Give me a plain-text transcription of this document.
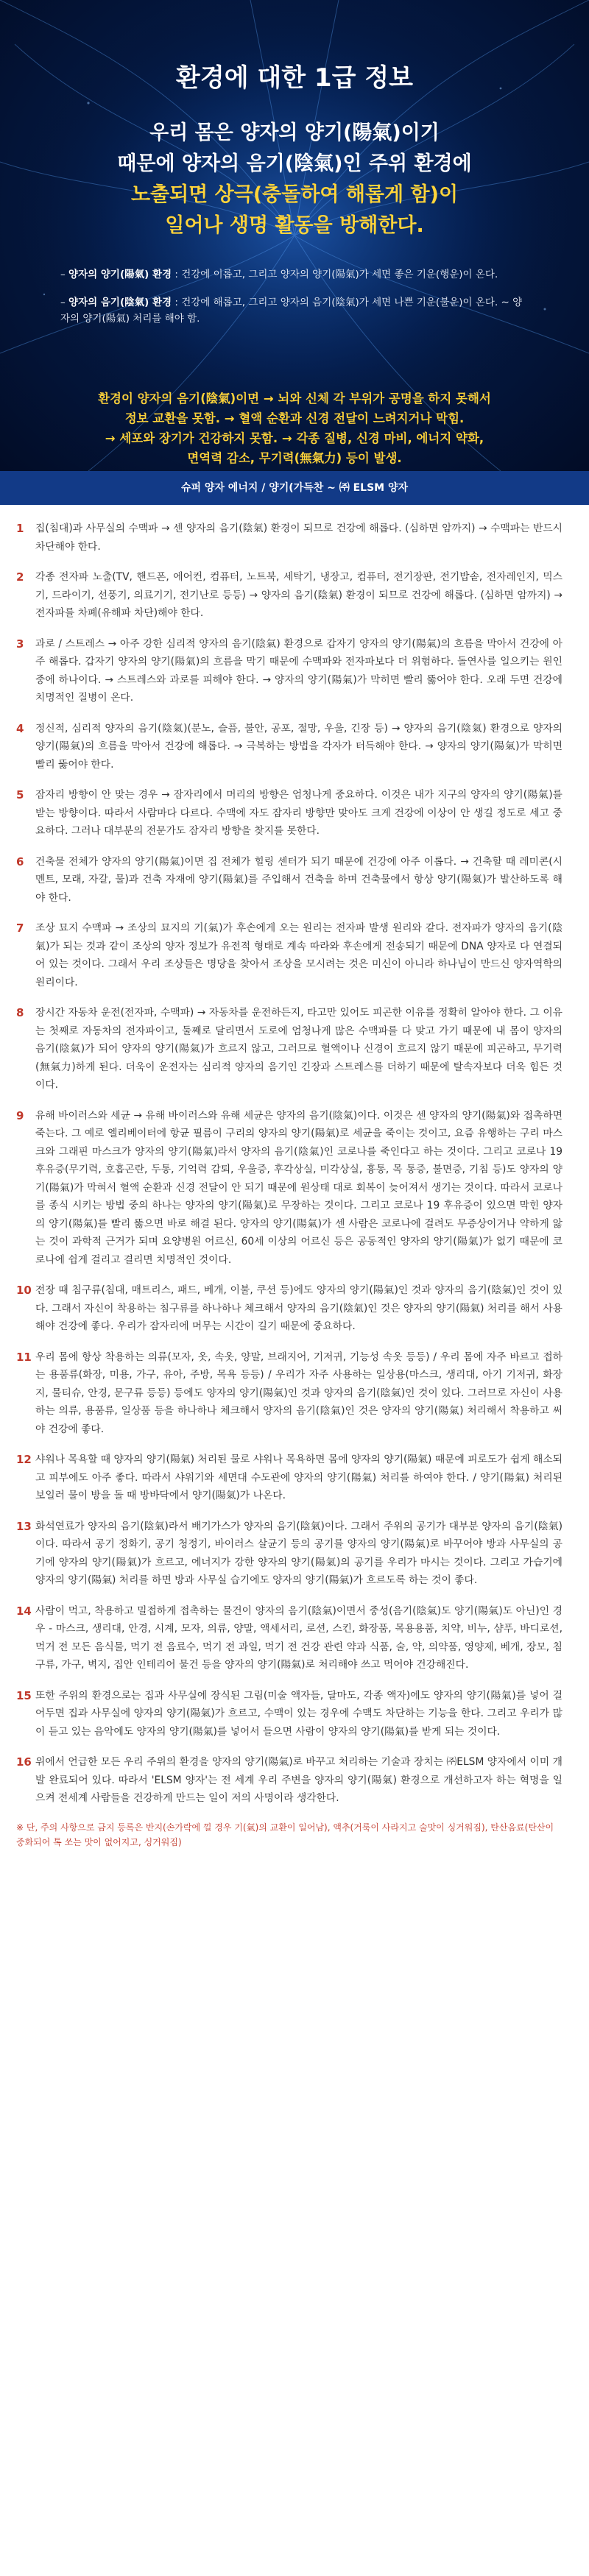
환경에 대한 1급 정보
우리 몸은 양자의 양기(陽氣)이기
때문에 양자의 음기(陰氣)인 주위 환경에
노출되면 상극(충돌하여 해롭게 함)이
일어나 생명 활동을 방해한다.
– 양자의 양기(陽氣) 환경 : 건강에 이롭고, 그리고 양자의 양기(陽氣)가 세면 좋은 기운(행운)이 온다.
– 양자의 음기(陰氣) 환경 : 건강에 해롭고, 그리고 양자의 음기(陰氣)가 세면 나쁜 기운(불운)이 온다. ∼ 양자의 양기(陽氣) 처리를 해야 함.
환경이 양자의 음기(陰氣)이면 → 뇌와 신체 각 부위가 공명을 하지 못해서
정보 교환을 못함. → 혈액 순환과 신경 전달이 느려지거나 막힘.
→ 세포와 장기가 건강하지 못함. → 각종 질병, 신경 마비, 에너지 약화,
면역력 감소, 무기력(無氣力) 등이 발생.
슈퍼 양자 에너지 / 양기(가득찬 ~ ㈜ ELSM 양자
1	집(침대)과 사무실의 수맥파 → 센 양자의 음기(陰氣) 환경이 되므로 건강에 해롭다. (심하면 암까지) → 수맥파는 반드시 차단해야 한다.
2	각종 전자파 노출(TV, 핸드폰, 에어컨, 컴퓨터, 노트북, 세탁기, 냉장고, 컴퓨터, 전기장판, 전기밥솥, 전자레인지, 믹스기, 드라이기, 선풍기, 의료기기, 전기난로 등등) → 양자의 음기(陰氣) 환경이 되므로 건강에 해롭다. (심하면 암까지) → 전자파를 차폐(유해파 차단)해야 한다.
3	과로 / 스트레스 → 아주 강한 심리적 양자의 음기(陰氣) 환경으로 갑자기 양자의 양기(陽氣)의 흐름을 막아서 건강에 아주 해롭다. 갑자기 양자의 양기(陽氣)의 흐름을 막기 때문에 수맥파와 전자파보다 더 위험하다. 돌연사를 일으키는 원인 중에 하나이다. → 스트레스와 과로를 피해야 한다. → 양자의 양기(陽氣)가 막히면 빨리 뚫어야 한다. 오래 두면 건강에 치명적인 질병이 온다.
4	정신적, 심리적 양자의 음기(陰氣)(분노, 슬픔, 불안, 공포, 절망, 우울, 긴장 등) → 양자의 음기(陰氣) 환경으로 양자의 양기(陽氣)의 흐름을 막아서 건강에 해롭다. → 극복하는 방법을 각자가 터득해야 한다. → 양자의 양기(陽氣)가 막히면 빨리 뚫어야 한다.
5	잠자리 방향이 안 맞는 경우 → 잠자리에서 머리의 방향은 엄청나게 중요하다. 이것은 내가 지구의 양자의 양기(陽氣)를 받는 방향이다. 따라서 사람마다 다르다. 수맥에 자도 잠자리 방향만 맞아도 크게 건강에 이상이 안 생길 정도로 세고 중요하다. 그러나 대부분의 전문가도 잠자리 방향을 찾지를 못한다.
6	건축물 전체가 양자의 양기(陽氣)이면 집 전체가 힐링 센터가 되기 때문에 건강에 아주 이롭다. → 건축할 때 레미콘(시멘트, 모래, 자갈, 물)과 건축 자재에 양기(陽氣)를 주입해서 건축을 하며 건축물에서 항상 양기(陽氣)가 발산하도록 해야 한다.
7	조상 묘지 수맥파 → 조상의 묘지의 기(氣)가 후손에게 오는 원리는 전자파 발생 원리와 같다. 전자파가 양자의 음기(陰氣)가 되는 것과 같이 조상의 양자 정보가 유전적 형태로 계속 따라와 후손에게 전송되기 때문에 DNA 양자로 다 연결되어 있는 것이다. 그래서 우리 조상들은 명당을 찾아서 조상을 모시려는 것은 미신이 아니라 하나님이 만드신 양자역학의 원리이다.
8	장시간 자동차 운전(전자파, 수맥파) → 자동차를 운전하든지, 타고만 있어도 피곤한 이유를 정확히 알아야 한다. 그 이유는 첫째로 자동차의 전자파이고, 둘째로 달리면서 도로에 엄청나게 많은 수맥파를 다 맞고 가기 때문에 내 몸이 양자의 음기(陰氣)가 되어 양자의 양기(陽氣)가 흐르지 않고, 그러므로 혈액이나 신경이 흐르지 않기 때문에 피곤하고, 무기력(無氣力)하게 된다. 더욱이 운전자는 심리적 양자의 음기인 긴장과 스트레스를 더하기 때문에 탈속자보다 더욱 힘든 것이다.
9	유해 바이러스와 세균 → 유해 바이러스와 유해 세균은 양자의 음기(陰氣)이다. 이것은 센 양자의 양기(陽氣)와 접촉하면 죽는다. 그 예로 엘리베이터에 항균 필름이 구리의 양자의 양기(陽氣)로 세균을 죽이는 것이고, 요즘 유행하는 구리 마스크와 그래핀 마스크가 양자의 양기(陽氣)라서 양자의 음기(陰氣)인 코로나를 죽인다고 하는 것이다. 그리고 코로나 19 후유증(무기력, 호흡곤란, 두통, 기억력 감퇴, 우울증, 후각상실, 미각상실, 흉통, 목 통증, 불면증, 기침 등)도 양자의 양기(陽氣)가 막혀서 혈액 순환과 신경 전달이 안 되기 때문에 원상태 대로 회복이 늦어져서 생기는 것이다. 따라서 코로나를 종식 시키는 방법 중의 하나는 양자의 양기(陽氣)로 무장하는 것이다. 그리고 코로나 19 후유증이 있으면 막힌 양자의 양기(陽氣)를 빨리 뚫으면 바로 해결 된다. 양자의 양기(陽氣)가 센 사람은 코로나에 걸려도 무증상이거나 약하게 앓는 것이 과학적 근거가 되며 요양병원 어르신, 60세 이상의 어르신 등은 공동적인 양자의 양기(陽氣)가 없기 때문에 코로나에 쉽게 걸리고 결리면 치명적인 것이다.
10 전장 때 침구류(침대, 매트리스, 패드, 베개, 이불, 쿠션 등)에도 양자의 양기(陽氣)인 것과 양자의 음기(陰氣)인 것이 있다. 그래서 자신이 착용하는 침구류를 하나하나 체크해서 양자의 음기(陰氣)인 것은 양자의 양기(陽氣) 처리를 해서 사용해야 건강에 좋다. 우리가 잠자리에 머무는 시간이 길기 때문에 중요하다.
11 우리 몸에 항상 착용하는 의류(모자, 옷, 속옷, 양말, 브래지어, 기저귀, 기능성 속옷 등등) / 우리 몸에 자주 바르고 접하는 용품류(화장, 미용, 가구, 유아, 주방, 목욕 등등) / 우리가 자주 사용하는 일상용(마스크, 생리대, 아기 기저귀, 화장지, 물티슈, 안경, 문구류 등등) 등에도 양자의 양기(陽氣)인 것과 양자의 음기(陰氣)인 것이 있다. 그러므로 자신이 사용하는 의류, 용품류, 일상품 등을 하나하나 체크해서 양자의 음기(陰氣)인 것은 양자의 양기(陽氣) 처리해서 착용하고 써야 건강에 좋다.
12 샤워나 목욕할 때 양자의 양기(陽氣) 처리된 물로 샤워나 목욕하면 몸에 양자의 양기(陽氣) 때문에 피로도가 쉽게 해소되고 피부에도 아주 좋다. 따라서 샤워기와 세면대 수도관에 양자의 양기(陽氣) 처리를 하여야 한다. / 양기(陽氣) 처리된 보일러 물이 방을 돌 때 방바닥에서 양기(陽氣)가 나온다.
13 화석연료가 양자의 음기(陰氣)라서 배기가스가 양자의 음기(陰氣)이다. 그래서 주위의 공기가 대부분 양자의 음기(陰氣)이다. 따라서 공기 정화기, 공기 청정기, 바이러스 살균기 등의 공기를 양자의 양기(陽氣)로 바꾸어야 방과 사무실의 공기에 양자의 양기(陽氣)가 흐르고, 에너지가 강한 양자의 양기(陽氣)의 공기를 우리가 마시는 것이다. 그리고 가습기에 양자의 양기(陽氣) 처리를 하면 방과 사무실 습기에도 양자의 양기(陽氣)가 흐르도록 하는 것이 좋다.
14 사람이 먹고, 착용하고 밀접하게 접촉하는 물건이 양자의 음기(陰氣)이면서 중성(음기(陰氣)도 양기(陽氣)도 아닌)인 경우 - 마스크, 생리대, 안경, 시계, 모자, 의류, 양말, 액세서리, 로션, 스킨, 화장품, 목용용품, 치약, 비누, 샴푸, 바디로션, 먹거 전 모든 음식물, 먹기 전 음료수, 먹기 전 과일, 먹기 전 건강 관련 약과 식품, 술, 약, 의약품, 영양제, 베개, 장모, 침구류, 가구, 벽지, 집안 인테리어 물건 등을 양자의 양기(陽氣)로 처리해야 쓰고 먹어야 건강해진다.
15 또한 주위의 환경으로는 집과 사무실에 장식된 그림(미술 액자들, 달마도, 각종 액자)에도 양자의 양기(陽氣)를 넣어 걸어두면 집과 사무실에 양자의 양기(陽氣)가 흐르고, 수맥이 있는 경우에 수맥도 차단하는 기능을 한다. 그리고 우리가 많이 듣고 있는 음악에도 양자의 양기(陽氣)를 넣어서 들으면 사람이 양자의 양기(陽氣)를 받게 되는 것이다.
16 위에서 언급한 모든 우리 주위의 환경을 양자의 양기(陽氣)로 바꾸고 처리하는 기술과 장치는 ㈜ELSM 양자에서 이미 개발 완료되어 있다. 따라서 'ELSM 양자'는 전 세계 우리 주변을 양자의 양기(陽氣) 환경으로 개선하고자 하는 혁명을 일으켜 전세계 사람들을 건강하게 만드는 일이 저의 사명이라 생각한다.
※ 단, 주의 사항으로 금지 등록은 반지(손가락에 낄 경우 기(氣)의 교환이 일어남), 액추(거룩이 사라지고 술맛이 싱거워짐), 탄산음료(탄산이 중화되어 톡 쏘는 맛이 없어지고, 싱거워짐)
